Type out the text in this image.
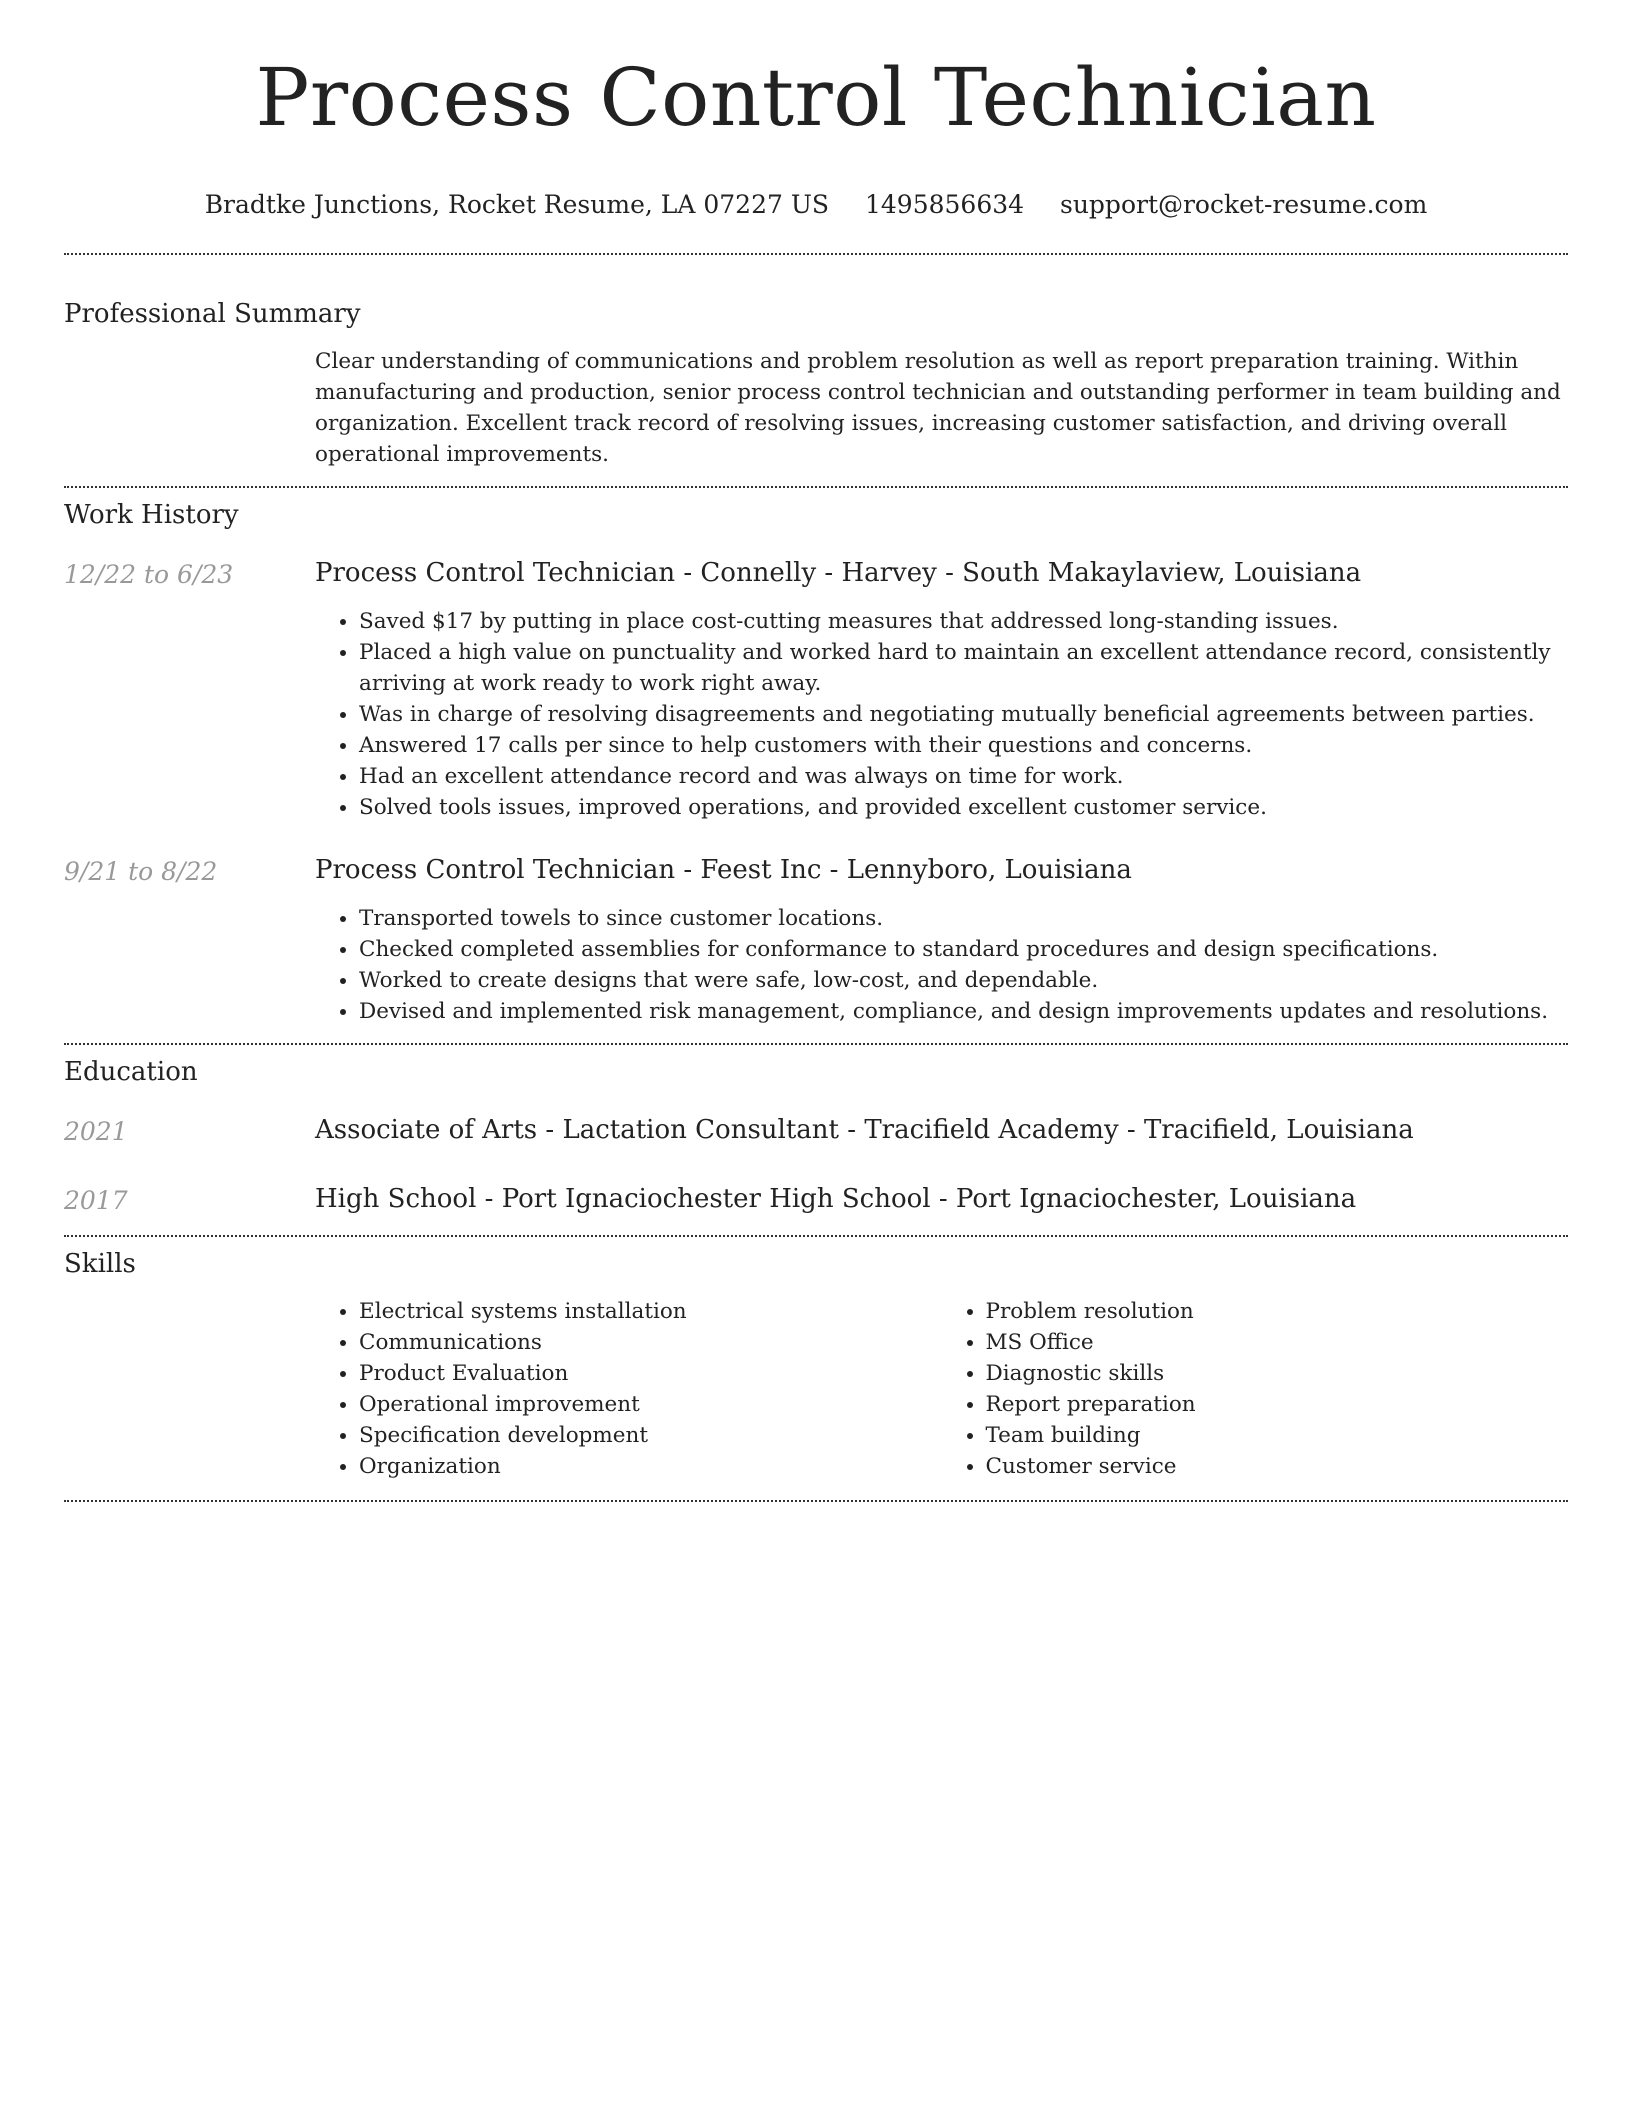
Process Control Technician
Bradtke Junctions, Rocket Resume, LA 07227 US 1495856634 support@rocket-resume.com
Professional Summary
Clear understanding of communications and problem resolution as well as report preparation training. Within manufacturing and production, senior process control technician and outstanding performer in team building and organization. Excellent track record of resolving issues, increasing customer satisfaction, and driving overall operational improvements.
Work History
12/22 to 6/23	Process Control Technician - Connelly - Harvey - South Makaylaview, Louisiana
• Saved $17 by putting in place cost-cutting measures that addressed long-standing issues.
• Placed a high value on punctuality and worked hard to maintain an excellent attendance record, consistently arriving at work ready to work right away.
• Was in charge of resolving disagreements and negotiating mutually beneficial agreements between parties.
• Answered 17 calls per since to help customers with their questions and concerns.
• Had an excellent attendance record and was always on time for work.
• Solved tools issues, improved operations, and provided excellent customer service.
9/21 to 8/22	Process Control Technician - Feest Inc - Lennyboro, Louisiana
• Transported towels to since customer locations.
• Checked completed assemblies for conformance to standard procedures and design specifications.
• Worked to create designs that were safe, low-cost, and dependable.
• Devised and implemented risk management, compliance, and design improvements updates and resolutions.
Education
2021	Associate of Arts - Lactation Consultant - Tracifield Academy - Tracifield, Louisiana
2017	High School - Port Ignaciochester High School - Port Ignaciochester, Louisiana
Skills
• Electrical systems installation
• Communications
• Product Evaluation
• Operational improvement
• Specification development
• Organization
• Problem resolution
• MS Office
• Diagnostic skills
• Report preparation
• Team building
• Customer service
